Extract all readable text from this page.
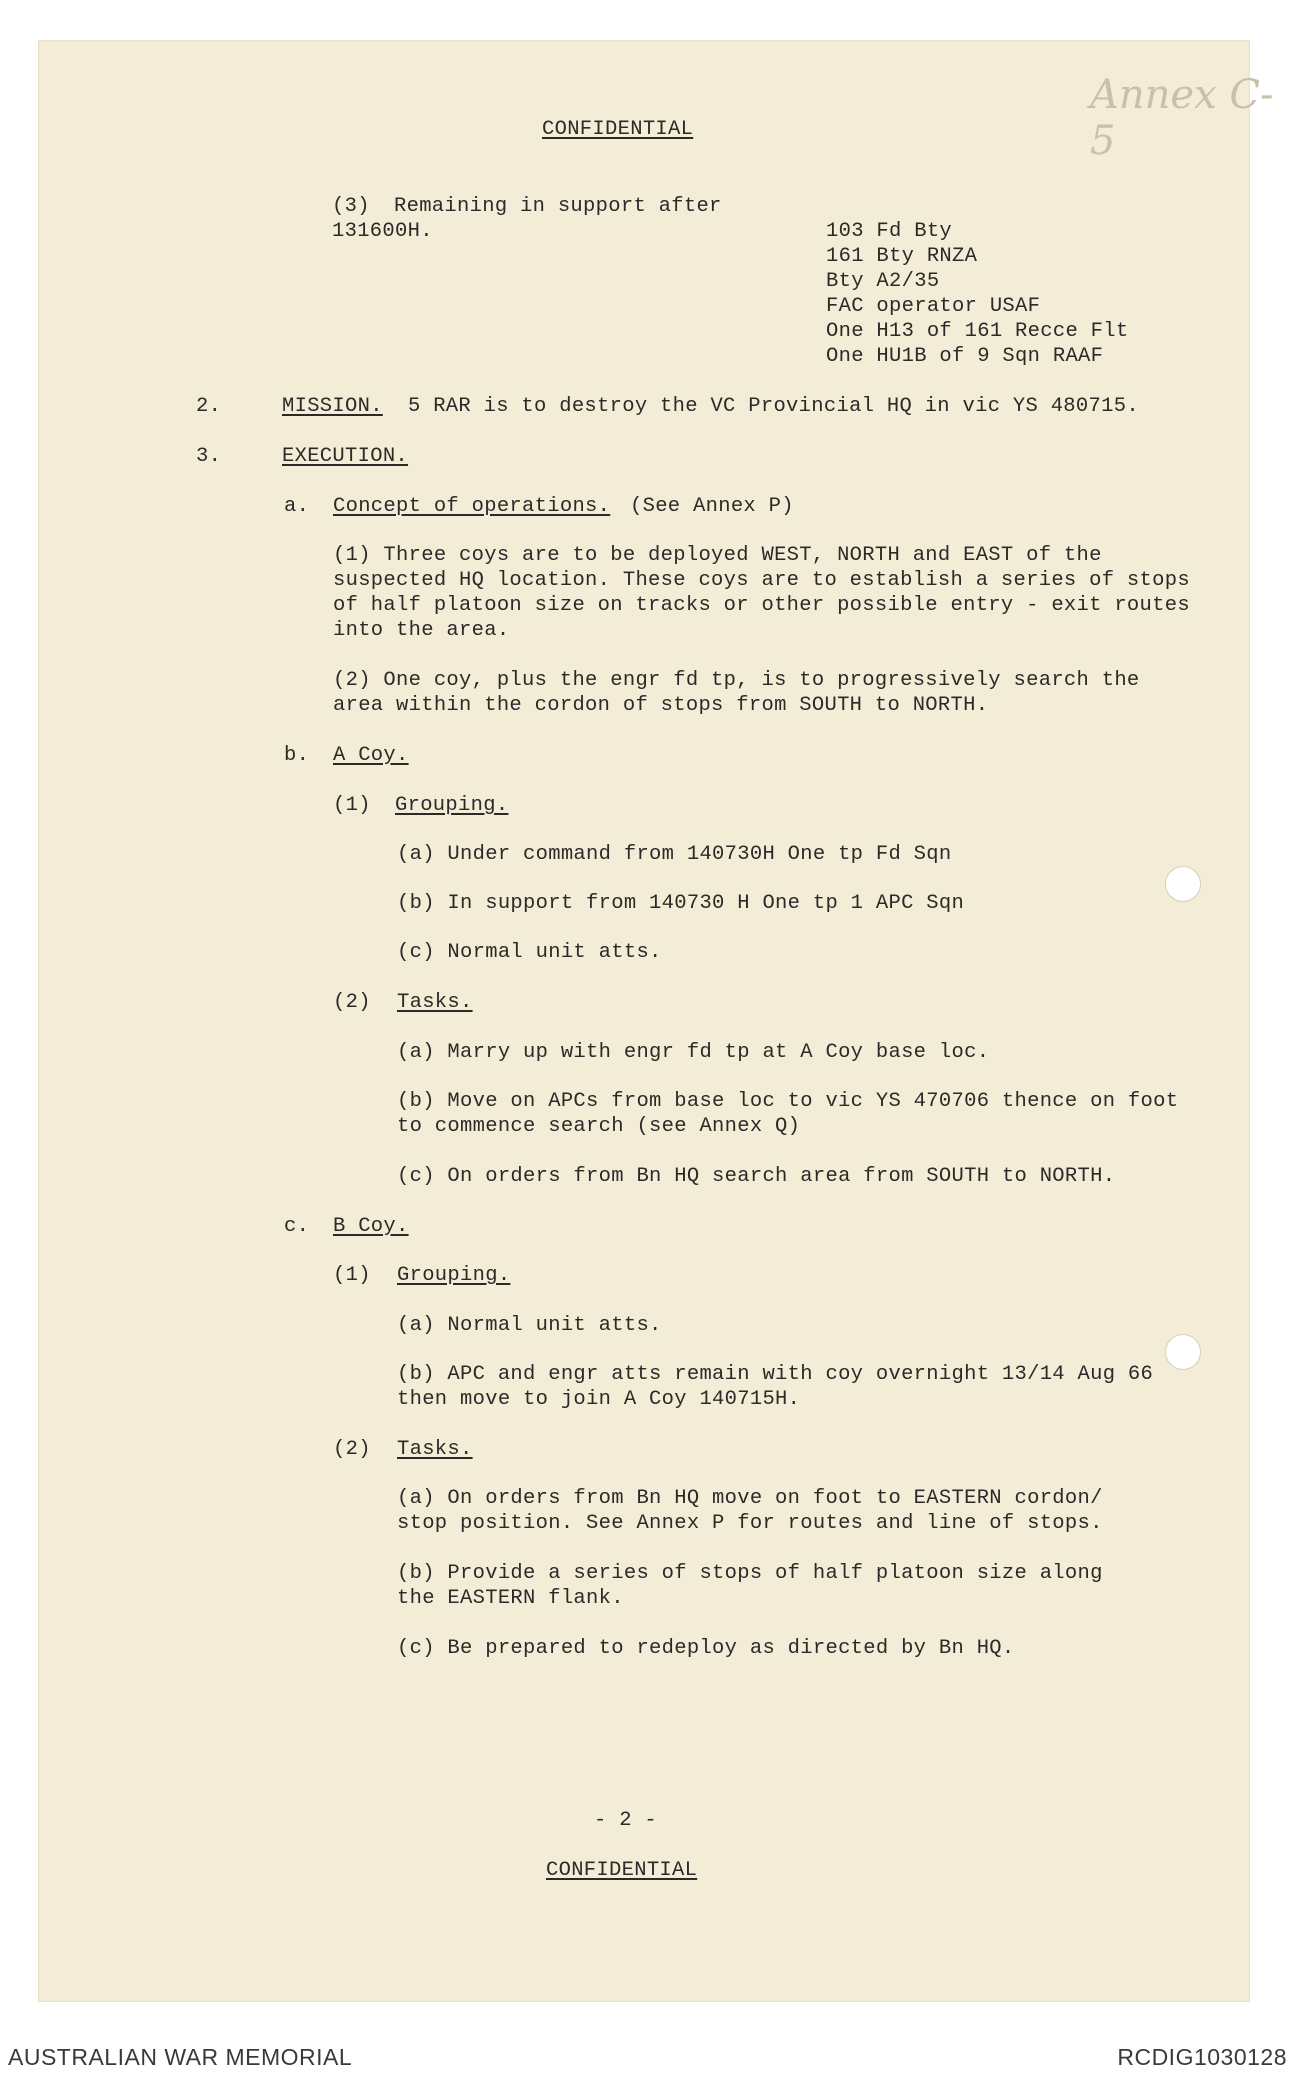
Annex C-5
CONFIDENTIAL
(3) Remaining in support after
131600H.	103 Fd Bty
161 Bty RNZA
Bty A2/35
FAC operator USAF
One H13 of 161 Recce Flt
One HU1B of 9 Sqn RAAF
2.	MISSION. 5 RAR is to destroy the VC Provincial HQ in vic YS 480715.
3.	EXECUTION.
a. Concept of operations. (See Annex P)
(1) Three coys are to be deployed WEST, NORTH and EAST of the
suspected HQ location. These coys are to establish a series of stops
of half platoon size on tracks or other possible entry - exit routes
into the area.
(2) One coy, plus the engr fd tp, is to progressively search the
area within the cordon of stops from SOUTH to NORTH.
b. A Coy.
(1) Grouping.
(a) Under command from 140730H One tp Fd Sqn
(b) In support from 140730 H One tp 1 APC Sqn
(c) Normal unit atts.
(2) Tasks.
(a) Marry up with engr fd tp at A Coy base loc.
(b) Move on APCs from base loc to vic YS 470706 thence on foot
to commence search (see Annex Q)
(c) On orders from Bn HQ search area from SOUTH to NORTH.
c. B Coy.
(1) Grouping.
(a) Normal unit atts.
(b) APC and engr atts remain with coy overnight 13/14 Aug 66
then move to join A Coy 140715H.
(2) Tasks.
(a) On orders from Bn HQ move on foot to EASTERN cordon/
stop position. See Annex P for routes and line of stops.
(b) Provide a series of stops of half platoon size along
the EASTERN flank.
(c) Be prepared to redeploy as directed by Bn HQ.
- 2 -
CONFIDENTIAL
AUSTRALIAN WAR MEMORIAL	RCDIG1030128
